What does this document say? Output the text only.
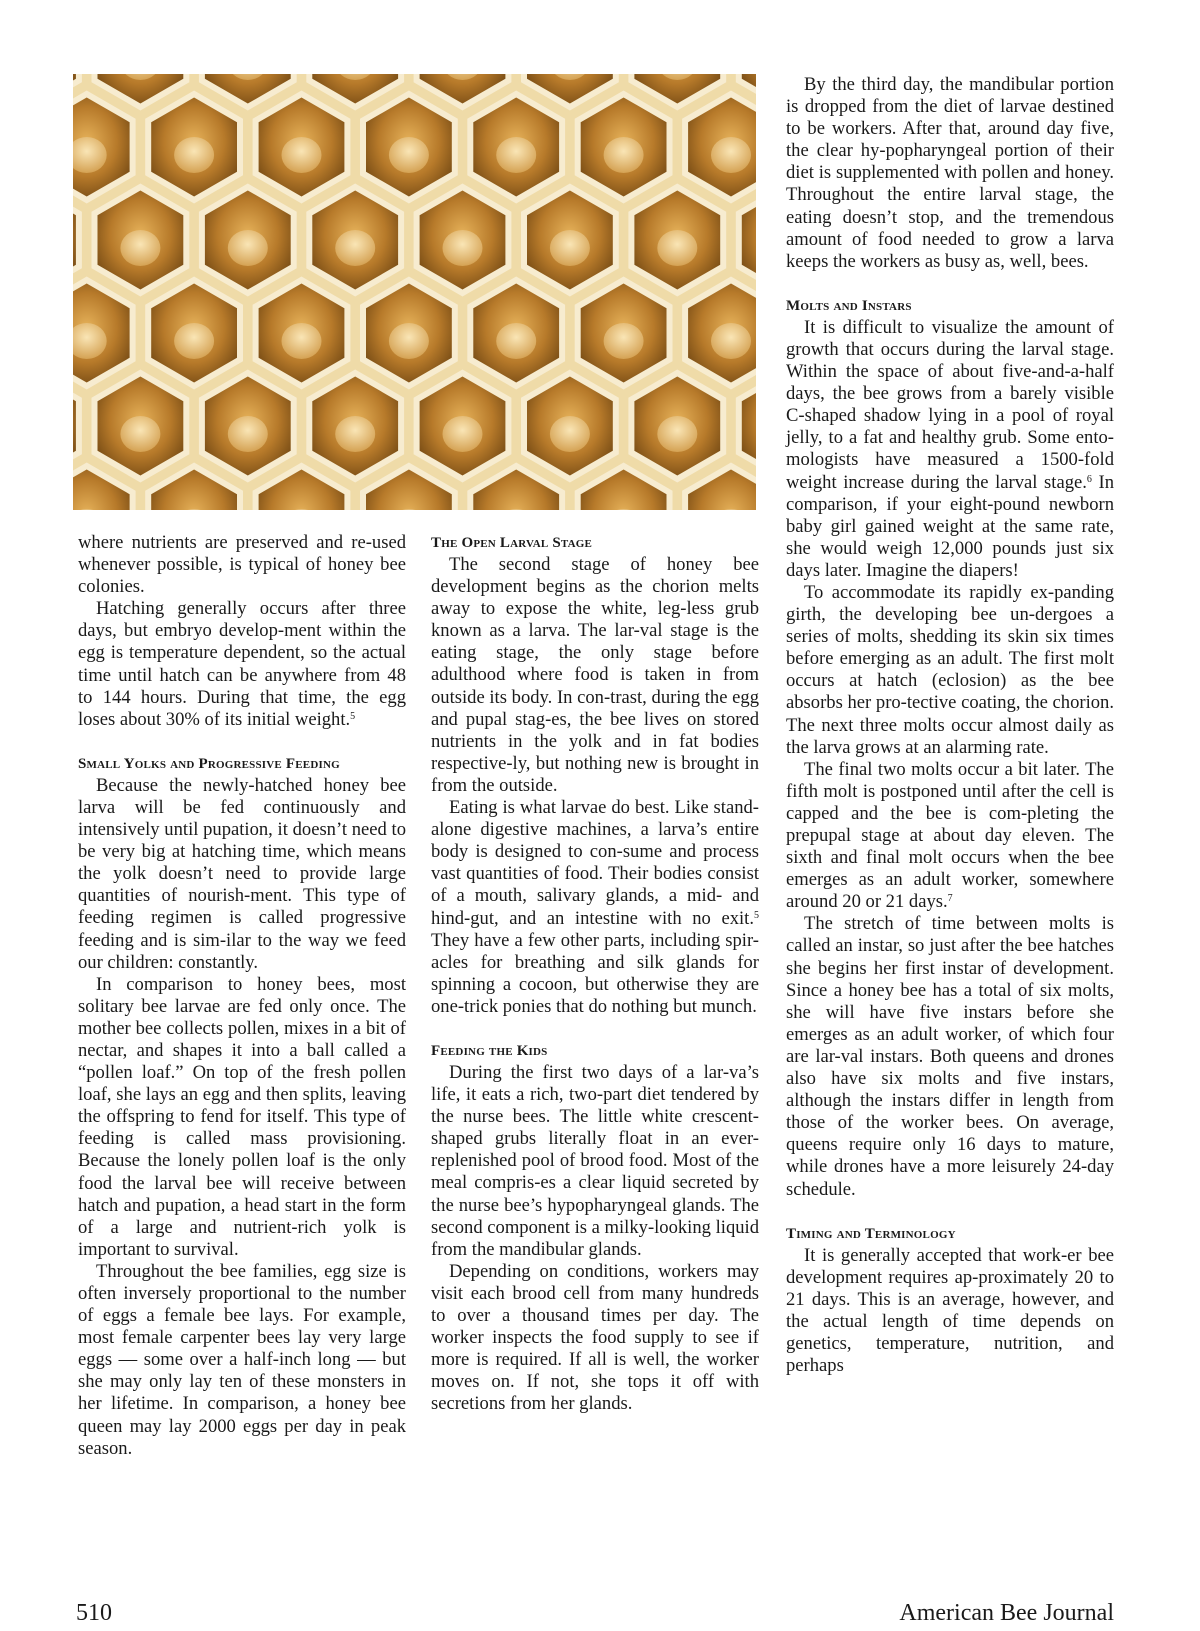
where nutrients are preserved and re-used whenever possible, is typical of honey bee colonies.

Hatching generally occurs after three days, but embryo develop-ment within the egg is temperature dependent, so the actual time until hatch can be anywhere from 48 to 144 hours. During that time, the egg loses about 30% of its initial weight.$^5$

Small Yolks and Progressive Feeding

Because the newly-hatched honey bee larva will be fed continuously and intensively until pupation, it doesn’t need to be very big at hatching time, which means the yolk doesn’t need to provide large quantities of nourish-ment. This type of feeding regimen is called progressive feeding and is sim-ilar to the way we feed our children: constantly.

In comparison to honey bees, most solitary bee larvae are fed only once. The mother bee collects pollen, mixes in a bit of nectar, and shapes it into a ball called a “pollen loaf.” On top of the fresh pollen loaf, she lays an egg and then splits, leaving the offspring to fend for itself. This type of feeding is called mass provisioning. Because the lonely pollen loaf is the only food the larval bee will receive between hatch and pupation, a head start in the form of a large and nutrient-rich yolk is important to survival.

Throughout the bee families, egg size is often inversely proportional to the number of eggs a female bee lays. For example, most female carpenter bees lay very large eggs — some over a half-inch long — but she may only lay ten of these monsters in her lifetime. In comparison, a honey bee queen may lay 2000 eggs per day in peak season.

The Open Larval Stage

The second stage of honey bee development begins as the chorion melts away to expose the white, leg-less grub known as a larva. The lar-val stage is the eating stage, the only stage before adulthood where food is taken in from outside its body. In con-trast, during the egg and pupal stag-es, the bee lives on stored nutrients in the yolk and in fat bodies respective-ly, but nothing new is brought in from the outside.

Eating is what larvae do best. Like stand-alone digestive machines, a larva’s entire body is designed to con-sume and process vast quantities of food. Their bodies consist of a mouth, salivary glands, a mid- and hind-gut, and an intestine with no exit.$^5$ They have a few other parts, including spir-acles for breathing and silk glands for spinning a cocoon, but otherwise they are one-trick ponies that do nothing but munch.

Feeding the Kids

During the first two days of a lar-va’s life, it eats a rich, two-part diet tendered by the nurse bees. The little white crescent-shaped grubs literally float in an ever-replenished pool of brood food. Most of the meal compris-es a clear liquid secreted by the nurse bee’s hypopharyngeal glands. The second component is a milky-looking liquid from the mandibular glands.

Depending on conditions, workers may visit each brood cell from many hundreds to over a thousand times per day. The worker inspects the food supply to see if more is required. If all is well, the worker moves on. If not, she tops it off with secretions from her glands.

By the third day, the mandibular portion is dropped from the diet of larvae destined to be workers. After that, around day five, the clear hy-popharyngeal portion of their diet is supplemented with pollen and honey. Throughout the entire larval stage, the eating doesn’t stop, and the tremendous amount of food needed to grow a larva keeps the workers as busy as, well, bees.

Molts and Instars

It is difficult to visualize the amount of growth that occurs during the larval stage. Within the space of about five-and-a-half days, the bee grows from a barely visible C-shaped shadow lying in a pool of royal jelly, to a fat and healthy grub. Some ento-mologists have measured a 1500-fold weight increase during the larval stage.$^6$ In comparison, if your eight-pound newborn baby girl gained weight at the same rate, she would weigh 12,000 pounds just six days later. Imagine the diapers!

To accommodate its rapidly ex-panding girth, the developing bee un-dergoes a series of molts, shedding its skin six times before emerging as an adult. The first molt occurs at hatch (eclosion) as the bee absorbs her pro-tective coating, the chorion. The next three molts occur almost daily as the larva grows at an alarming rate.

The final two molts occur a bit later. The fifth molt is postponed until after the cell is capped and the bee is com-pleting the prepupal stage at about day eleven. The sixth and final molt occurs when the bee emerges as an adult worker, somewhere around 20 or 21 days.$^7$

The stretch of time between molts is called an instar, so just after the bee hatches she begins her first instar of development. Since a honey bee has a total of six molts, she will have five instars before she emerges as an adult worker, of which four are lar-val instars. Both queens and drones also have six molts and five instars, although the instars differ in length from those of the worker bees. On average, queens require only 16 days to mature, while drones have a more leisurely 24-day schedule.

Timing and Terminology

It is generally accepted that work-er bee development requires ap-proximately 20 to 21 days. This is an average, however, and the actual length of time depends on genetics, temperature, nutrition, and perhaps

510	American Bee Journal
